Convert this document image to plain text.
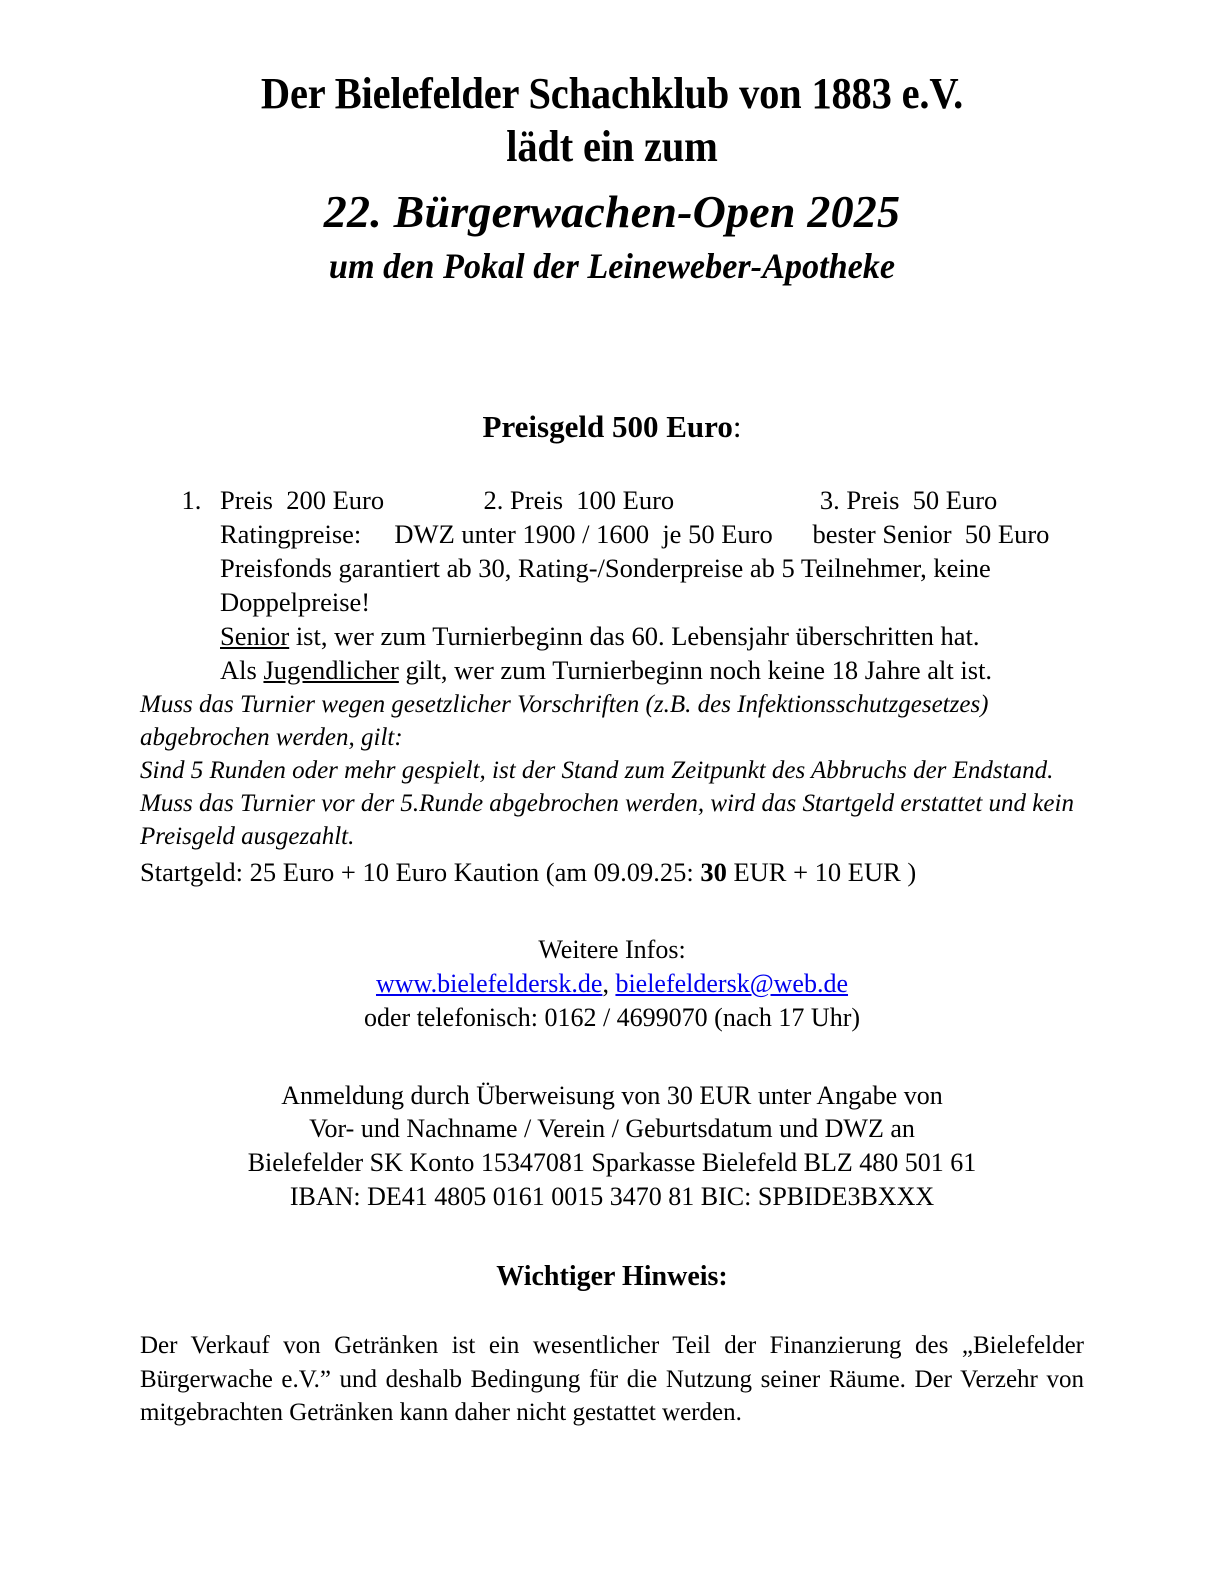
Der Bielefelder Schachklub von 1883 e.V.
lädt ein zum
22. Bürgerwachen-Open 2025
um den Pokal der Leineweber-Apotheke
Preisgeld 500 Euro:
1. Preis  200 Euro               2. Preis  100 Euro                      3. Preis  50 Euro
Ratingpreise:     DWZ unter 1900 / 1600  je 50 Euro      bester Senior  50 Euro
Preisfonds garantiert ab 30, Rating-/Sonderpreise ab 5 Teilnehmer, keine Doppelpreise!
Senior ist, wer zum Turnierbeginn das 60. Lebensjahr überschritten hat.
Als Jugendlicher gilt, wer zum Turnierbeginn noch keine 18 Jahre alt ist.
Muss das Turnier wegen gesetzlicher Vorschriften (z.B. des Infektionsschutzgesetzes) abgebrochen werden, gilt:
Sind 5 Runden oder mehr gespielt, ist der Stand zum Zeitpunkt des Abbruchs der Endstand.
Muss das Turnier vor der 5.Runde abgebrochen werden, wird das Startgeld erstattet und kein Preisgeld ausgezahlt.
Startgeld: 25 Euro + 10 Euro Kaution (am 09.09.25: 30 EUR + 10 EUR )
Weitere Infos:
www.bielefeldersk.de, bielefeldersk@web.de
oder telefonisch: 0162 / 4699070 (nach 17 Uhr)
Anmeldung durch Überweisung von 30 EUR unter Angabe von
Vor- und Nachname / Verein / Geburtsdatum und DWZ an
Bielefelder SK Konto 15347081 Sparkasse Bielefeld BLZ 480 501 61
IBAN: DE41 4805 0161 0015 3470 81 BIC: SPBIDE3BXXX
Wichtiger Hinweis:
Der Verkauf von Getränken ist ein wesentlicher Teil der Finanzierung des „Bielefelder Bürgerwache e.V.” und deshalb Bedingung für die Nutzung seiner Räume. Der Verzehr von mitgebrachten Getränken kann daher nicht gestattet werden.
